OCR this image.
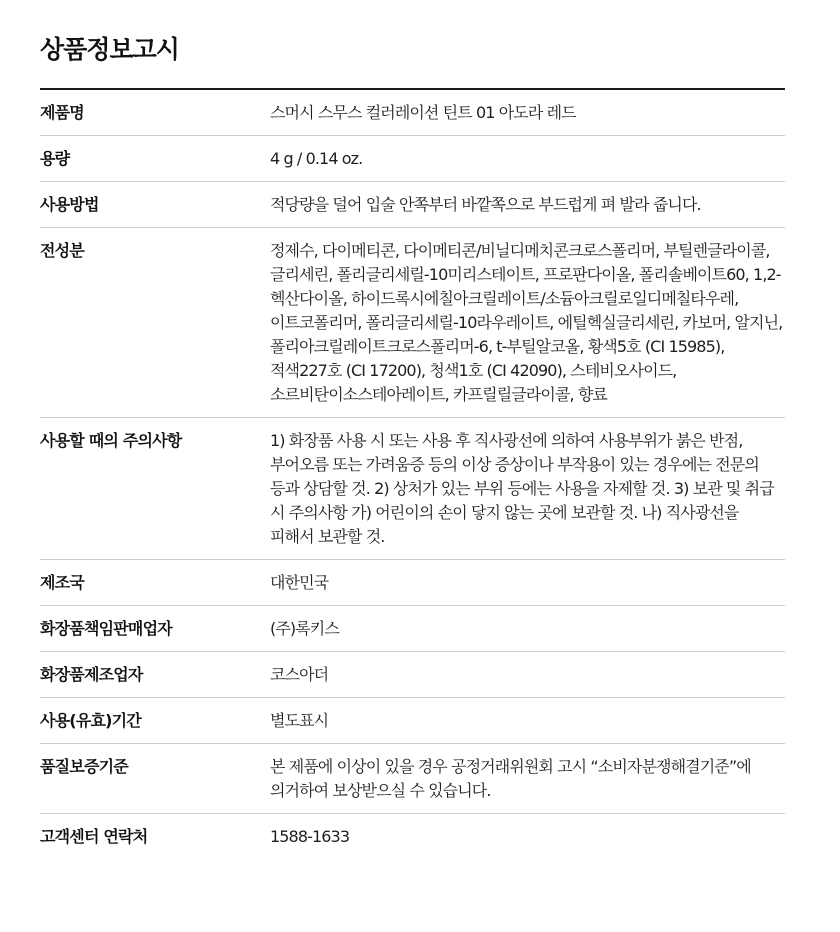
상품정보고시
제품명	스머시 스무스 컬러레이션 틴트 01 아도라 레드
용량	4 g / 0.14 oz.
사용방법	적당량을 덜어 입술 안쪽부터 바깥쪽으로 부드럽게 펴 발라 줍니다.
전성분	정제수, 다이메티콘, 다이메티콘/비닐디메치콘크로스폴리머, 부틸렌글라이콜, 글리세린, 폴리글리세릴-10미리스테이트, 프로판다이올, 폴리솔베이트60, 1,2-헥산다이올, 하이드록시에칠아크릴레이트/소듐아크릴로일디메칠타우레, 이트코폴리머, 폴리글리세릴-10라우레이트, 에틸헥실글리세린, 카보머, 알지닌, 폴리아크릴레이트크로스폴리머-6, t-부틸알코올, 황색5호 (CI 15985), 적색227호 (CI 17200), 청색1호 (CI 42090), 스테비오사이드, 소르비탄이소스테아레이트, 카프릴릴글라이콜, 향료
사용할 때의 주의사항	1) 화장품 사용 시 또는 사용 후 직사광선에 의하여 사용부위가 붉은 반점, 부어오름 또는 가려움증 등의 이상 증상이나 부작용이 있는 경우에는 전문의 등과 상담할 것. 2) 상처가 있는 부위 등에는 사용을 자제할 것. 3) 보관 및 취급 시 주의사항 가) 어린이의 손이 닿지 않는 곳에 보관할 것. 나) 직사광선을 피해서 보관할 것.
제조국	대한민국
화장품책임판매업자	(주)록키스
화장품제조업자	코스아더
사용(유효)기간	별도표시
품질보증기준	본 제품에 이상이 있을 경우 공정거래위원회 고시 “소비자분쟁해결기준”에 의거하여 보상받으실 수 있습니다.
고객센터 연락처	1588-1633
